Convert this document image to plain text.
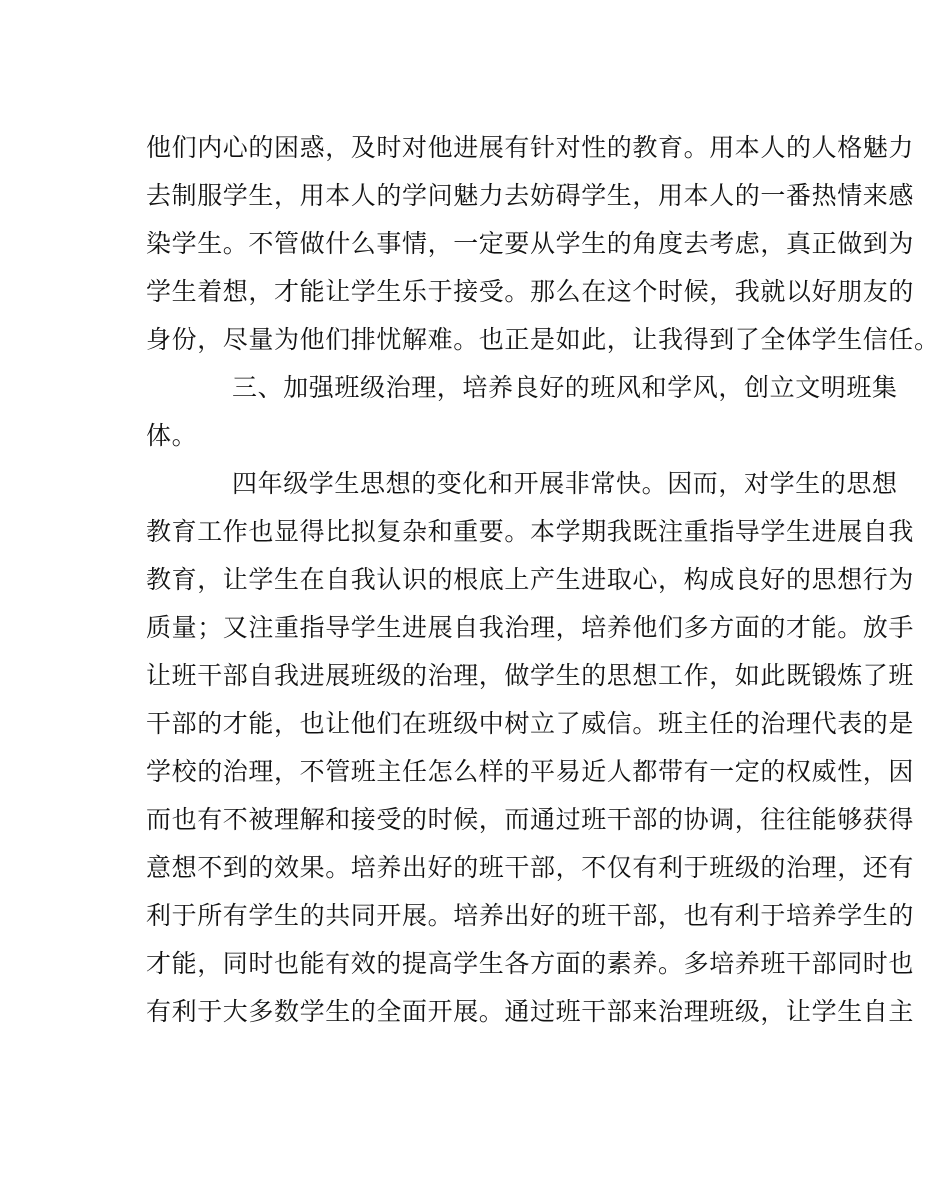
他们内心的困惑，及时对他进展有针对性的教育。用本人的人格魅力
去制服学生，用本人的学问魅力去妨碍学生，用本人的一番热情来感
染学生。不管做什么事情，一定要从学生的角度去考虑，真正做到为
学生着想，才能让学生乐于接受。那么在这个时候，我就以好朋友的
身份，尽量为他们排忧解难。也正是如此，让我得到了全体学生信任。
三、加强班级治理，培养良好的班风和学风，创立文明班集
体。
四年级学生思想的变化和开展非常快。因而，对学生的思想
教育工作也显得比拟复杂和重要。本学期我既注重指导学生进展自我
教育，让学生在自我认识的根底上产生进取心，构成良好的思想行为
质量；又注重指导学生进展自我治理，培养他们多方面的才能。放手
让班干部自我进展班级的治理，做学生的思想工作，如此既锻炼了班
干部的才能，也让他们在班级中树立了威信。班主任的治理代表的是
学校的治理，不管班主任怎么样的平易近人都带有一定的权威性，因
而也有不被理解和接受的时候，而通过班干部的协调，往往能够获得
意想不到的效果。培养出好的班干部，不仅有利于班级的治理，还有
利于所有学生的共同开展。培养出好的班干部，也有利于培养学生的
才能，同时也能有效的提高学生各方面的素养。多培养班干部同时也
有利于大多数学生的全面开展。通过班干部来治理班级，让学生自主
